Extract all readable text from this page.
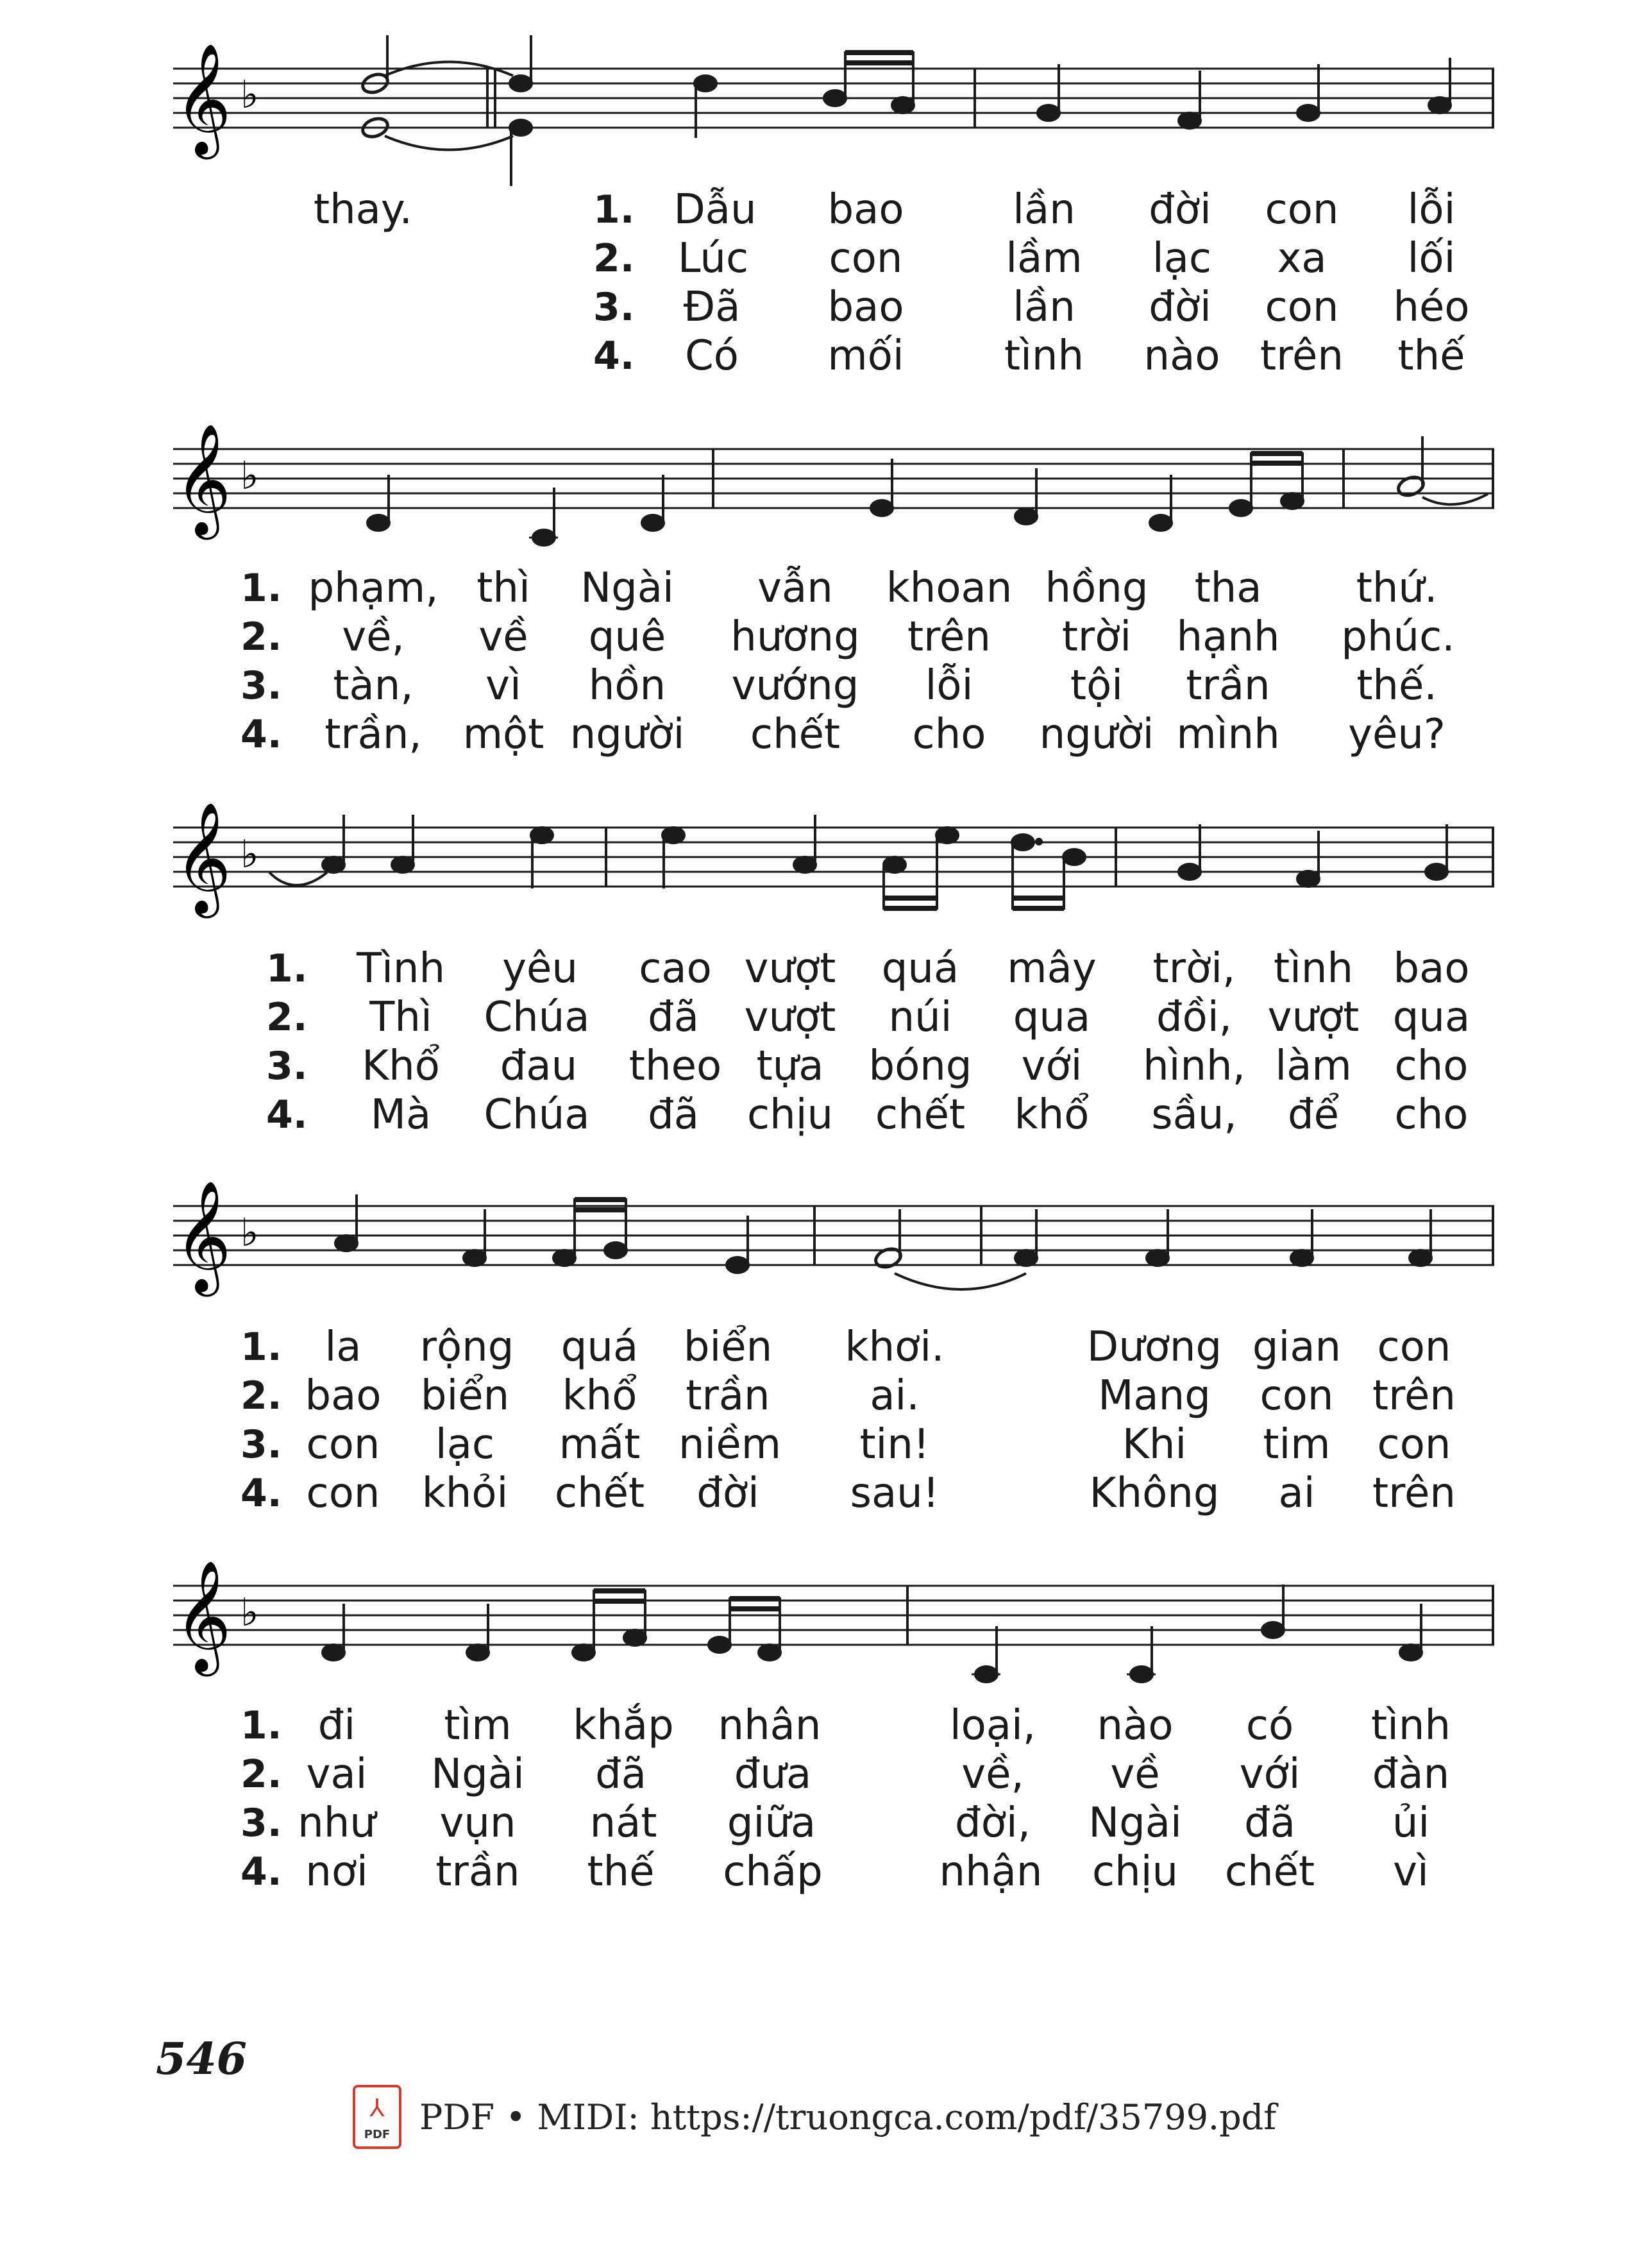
𝄞 ♭
thay.	1. Dẫu bao	lần đời con lỗi
2. Lúc con	lầm lạc xa lối
3. Đã bao	lần đời con héo
4. Có mối tình nào trên thế
𝄞 ♭
1. phạm, thì Ngài vẫn khoan hồng tha thứ.
2. về, về quê hương trên trời hạnh phúc.
3. tàn, vì hồn vướng lỗi tội trần thế.
4. trần, một người chết cho người mình yêu?
𝄞 ♭
1. Tình yêu cao vượt quá mây trời, tình bao
2. Thì Chúa đã vượt núi qua đồi, vượt qua
3. Khổ đau theo tựa bóng với hình, làm cho
4. Mà Chúa đã chịu chết khổ sầu, để cho
𝄞 ♭
1. la rộng quá biển khơi.	Dương gian con
2. bao biển khổ trần ai.	Mang con trên
3. con lạc mất niềm tin!	Khi tim con
4. con khỏi chết đời sau!	Không ai trên
𝄞 ♭
1. đi tìm khắp nhân	loại, nào có tình
2. vai Ngài đã đưa	về, về với đàn
3. như vụn nát giữa	đời, Ngài đã ủi
4. nơi trần thế chấp	nhận chịu chết vì
546
⅄
PDF PDF • MIDI: https://truongca.com/pdf/35799.pdf
